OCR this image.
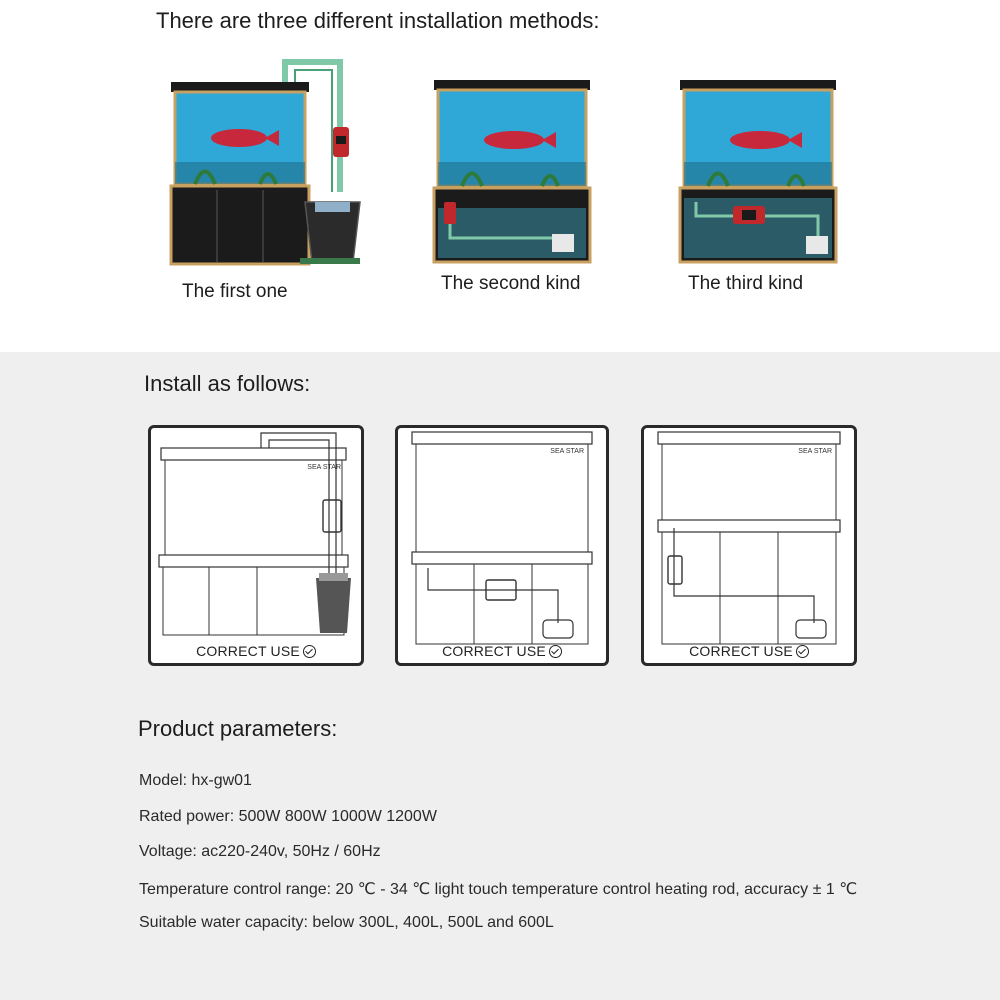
There are three different installation methods:
The first one	The second kind	The third kind
Install as follows:
SEA STAR
CORRECT USE
SEA STAR
CORRECT USE
SEA STAR
CORRECT USE
Product parameters:
Model: hx-gw01
Rated power: 500W 800W 1000W 1200W
Voltage: ac220-240v, 50Hz / 60Hz
Temperature control range: 20 ℃ - 34 ℃ light touch temperature control heating rod, accuracy ± 1 ℃
Suitable water capacity: below 300L, 400L, 500L and 600L
